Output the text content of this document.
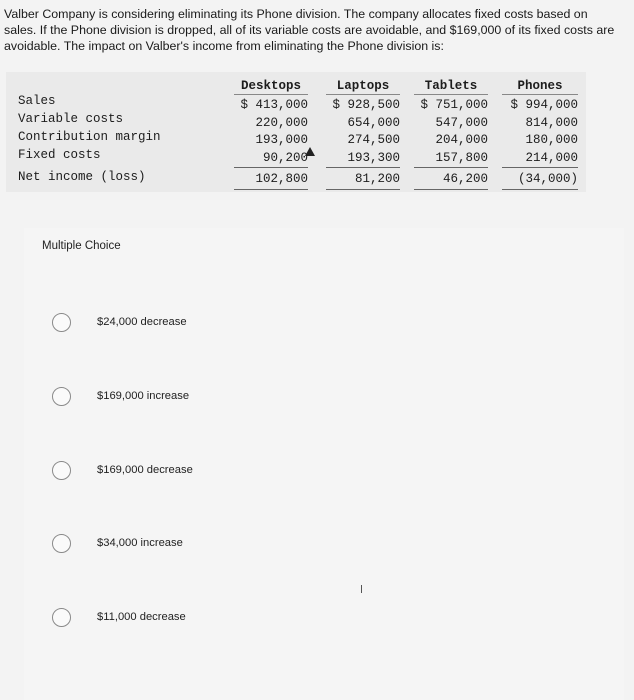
Valber Company is considering eliminating its Phone division. The company allocates fixed costs based on sales. If the Phone division is dropped, all of its variable costs are avoidable, and $169,000 of its fixed costs are avoidable. The impact on Valber's income from eliminating the Phone division is:
Sales
Variable costs
Contribution margin
Fixed costs
Net income (loss)
Desktops
$ 413,000
220,000
193,000
90,200
102,800
Laptops
$ 928,500
654,000
274,500
193,300
81,200
Tablets
$ 751,000
547,000
204,000
157,800
46,200
Phones
$ 994,000
814,000
180,000
214,000
(34,000)
Multiple Choice
$24,000 decrease
$169,000 increase
$169,000 decrease
$34,000 increase
$11,000 decrease
